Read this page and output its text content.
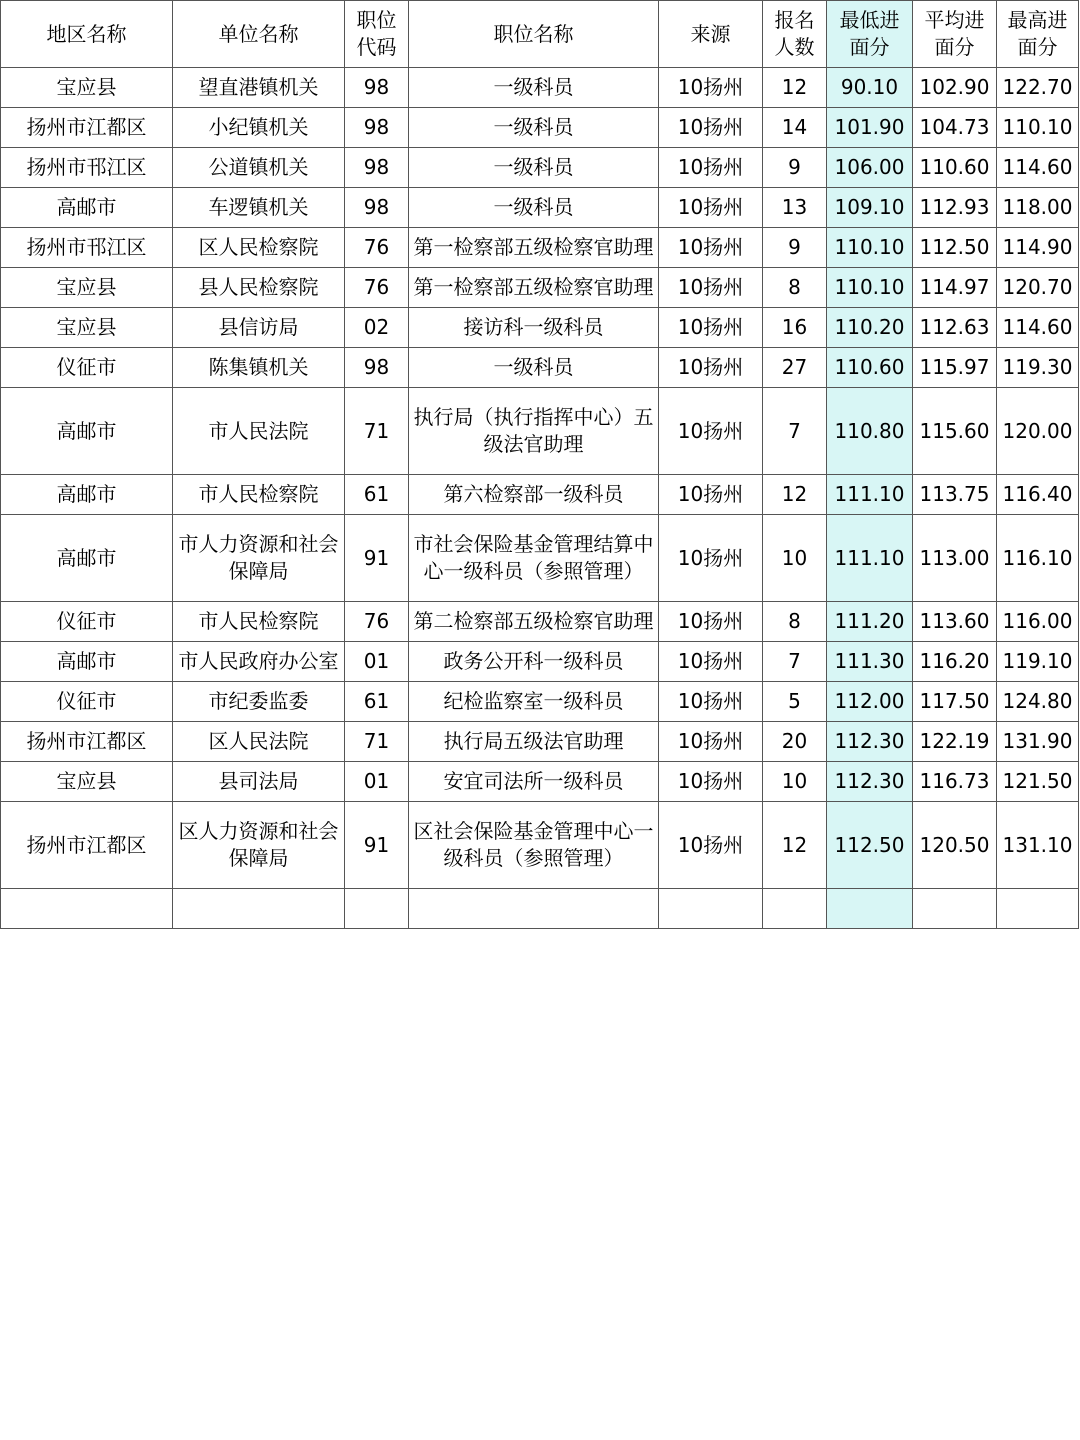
地区名称	单位名称	职位代码	职位名称	来源	报名人数	最低进面分	平均进面分	最高进面分
宝应县	望直港镇机关	98	一级科员	10扬州	12	90.10	102.90	122.70
扬州市江都区	小纪镇机关	98	一级科员	10扬州	14	101.90	104.73	110.10
扬州市邗江区	公道镇机关	98	一级科员	10扬州	9	106.00	110.60	114.60
高邮市	车逻镇机关	98	一级科员	10扬州	13	109.10	112.93	118.00
扬州市邗江区	区人民检察院	76	第一检察部五级检察官助理	10扬州	9	110.10	112.50	114.90
宝应县	县人民检察院	76	第一检察部五级检察官助理	10扬州	8	110.10	114.97	120.70
宝应县	县信访局	02	接访科一级科员	10扬州	16	110.20	112.63	114.60
仪征市	陈集镇机关	98	一级科员	10扬州	27	110.60	115.97	119.30
高邮市	市人民法院	71	执行局（执行指挥中心）五级法官助理	10扬州	7	110.80	115.60	120.00
高邮市	市人民检察院	61	第六检察部一级科员	10扬州	12	111.10	113.75	116.40
高邮市	市人力资源和社会保障局	91	市社会保险基金管理结算中心一级科员（参照管理）	10扬州	10	111.10	113.00	116.10
仪征市	市人民检察院	76	第二检察部五级检察官助理	10扬州	8	111.20	113.60	116.00
高邮市	市人民政府办公室	01	政务公开科一级科员	10扬州	7	111.30	116.20	119.10
仪征市	市纪委监委	61	纪检监察室一级科员	10扬州	5	112.00	117.50	124.80
扬州市江都区	区人民法院	71	执行局五级法官助理	10扬州	20	112.30	122.19	131.90
宝应县	县司法局	01	安宜司法所一级科员	10扬州	10	112.30	116.73	121.50
扬州市江都区	区人力资源和社会保障局	91	区社会保险基金管理中心一级科员（参照管理）	10扬州	12	112.50	120.50	131.10
